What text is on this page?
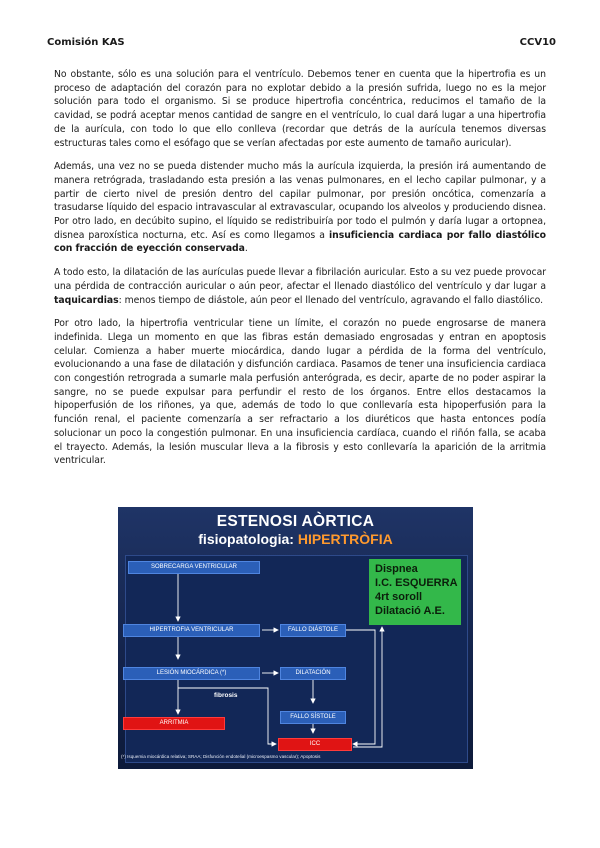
Comisión KAS	CCV10

No obstante, sólo es una solución para el ventrículo. Debemos tener en cuenta que la hipertrofia es un proceso de adaptación del corazón para no explotar debido a la presión sufrida, luego no es la mejor solución para todo el organismo. Si se produce hipertrofia concéntrica, reducimos el tamaño de la cavidad, se podrá aceptar menos cantidad de sangre en el ventrículo, lo cual dará lugar a una hipertrofia de la aurícula, con todo lo que ello conlleva (recordar que detrás de la aurícula tenemos diversas estructuras tales como el esófago que se verían afectadas por este aumento de tamaño auricular).

Además, una vez no se pueda distender mucho más la aurícula izquierda, la presión irá aumentando de manera retrógrada, trasladando esta presión a las venas pulmonares, en el lecho capilar pulmonar, y a partir de cierto nivel de presión dentro del capilar pulmonar, por presión oncótica, comenzaría a trasudarse líquido del espacio intravascular al extravascular, ocupando los alveolos y produciendo disnea. Por otro lado, en decúbito supino, el líquido se redistribuiría por todo el pulmón y daría lugar a ortopnea, disnea paroxística nocturna, etc. Así es como llegamos a insuficiencia cardiaca por fallo diastólico con fracción de eyección conservada.

A todo esto, la dilatación de las aurículas puede llevar a fibrilación auricular. Esto a su vez puede provocar una pérdida de contracción auricular o aún peor, afectar el llenado diastólico del ventrículo y dar lugar a taquicardias: menos tiempo de diástole, aún peor el llenado del ventrículo, agravando el fallo diastólico.

Por otro lado, la hipertrofia ventricular tiene un límite, el corazón no puede engrosarse de manera indefinida. Llega un momento en que las fibras están demasiado engrosadas y entran en apoptosis celular. Comienza a haber muerte miocárdica, dando lugar a pérdida de la forma del ventrículo, evolucionando a una fase de dilatación y disfunción cardiaca. Pasamos de tener una insuficiencia cardiaca con congestión retrograda a sumarle mala perfusión anterógrada, es decir, aparte de no poder aspirar la sangre, no se puede expulsar para perfundir el resto de los órganos. Entre ellos destacamos la hipoperfusión de los riñones, ya que, además de todo lo que conllevaría esta hipoperfusión para la función renal, el paciente comenzaría a ser refractario a los diuréticos que hasta entonces podía solucionar un poco la congestión pulmonar. En una insuficiencia cardíaca, cuando el riñón falla, se acaba el trayecto. Además, la lesión muscular lleva a la fibrosis y esto conllevaría la aparición de la arritmia ventricular.

ESTENOSI AÒRTICA
fisiopatologia: HIPERTRÒFIA
SOBRECARGA VENTRICULAR
HIPERTROFIA VENTRICULAR	FALLO DIÁSTOLE
LESIÓN MIOCÁRDICA (*)	DILATACIÓN
FALLO SÍSTOLE
ARRITMIA
ICC
fibrosis
Dispnea
I.C. ESQUERRA
4rt soroll
Dilatació A.E.
(*) Isquemia miocárdica relativa; SRAA; Disfunción endotelial (microespasmo vascular); Apoptosis
